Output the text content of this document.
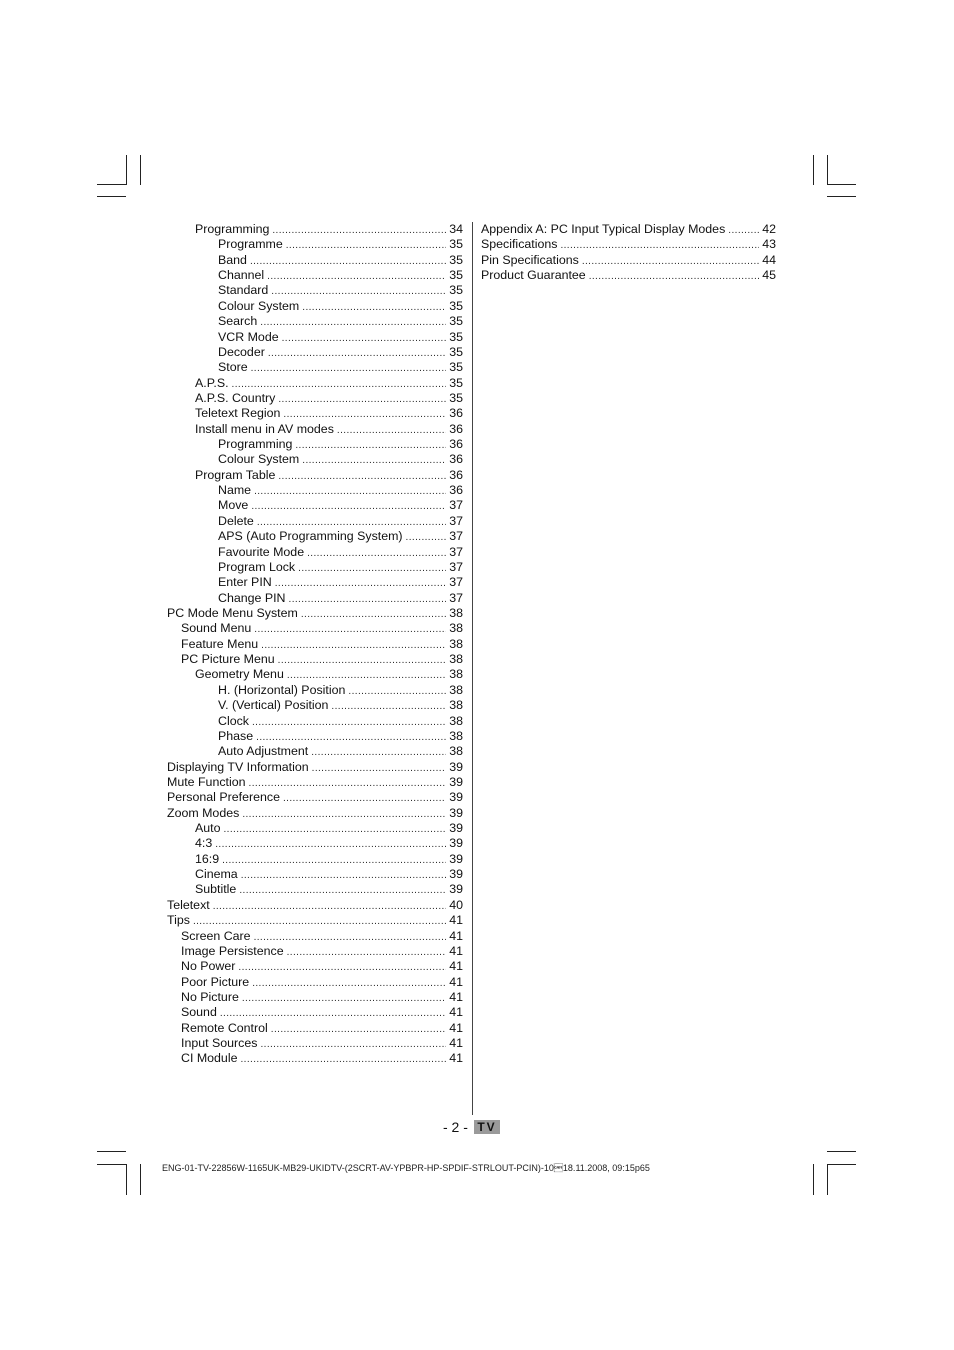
Programming .....	34
Programme .....	35
Band .....	35
Channel .....	35
Standard .....	35
Colour System .....	35
Search .....	35
VCR Mode .....	35
Decoder .....	35
Store .....	35
A.P.S. .....	35
A.P.S. Country .....	35
Teletext Region .....	36
Install menu in AV modes .....	36
Programming .....	36
Colour System .....	36
Program Table .....	36
Name .....	36
Move .....	37
Delete .....	37
APS (Auto Programming System) .....	37
Favourite Mode .....	37
Program Lock .....	37
Enter PIN .....	37
Change PIN .....	37
PC Mode Menu System .....	38
Sound Menu .....	38
Feature Menu .....	38
PC Picture Menu .....	38
Geometry Menu .....	38
H. (Horizontal) Position .....	38
V. (Vertical) Position .....	38
Clock .....	38
Phase .....	38
Auto Adjustment .....	38
Displaying TV Information .....	39
Mute Function .....	39
Personal Preference .....	39
Zoom Modes .....	39
Auto .....	39
4:3 .....	39
16:9 .....	39
Cinema .....	39
Subtitle .....	39
Teletext .....	40
Tips .....	41
Screen Care .....	41
Image Persistence .....	41
No Power .....	41
Poor Picture .....	41
No Picture .....	41
Sound .....	41
Remote Control .....	41
Input Sources .....	41
CI Module .....	41
Appendix A: PC Input Typical Display Modes .....	42
Specifications .....	43
Pin Specifications .....	44
Product Guarantee .....	45
- 2 - TV
ENG-01-TV-22856W-1165UK-MB29-UKIDTV-(2SCRT-AV-YPBPR-HP-SPDIF-STRLOUT-PCIN)-1018.11.2008, 09:15p65
